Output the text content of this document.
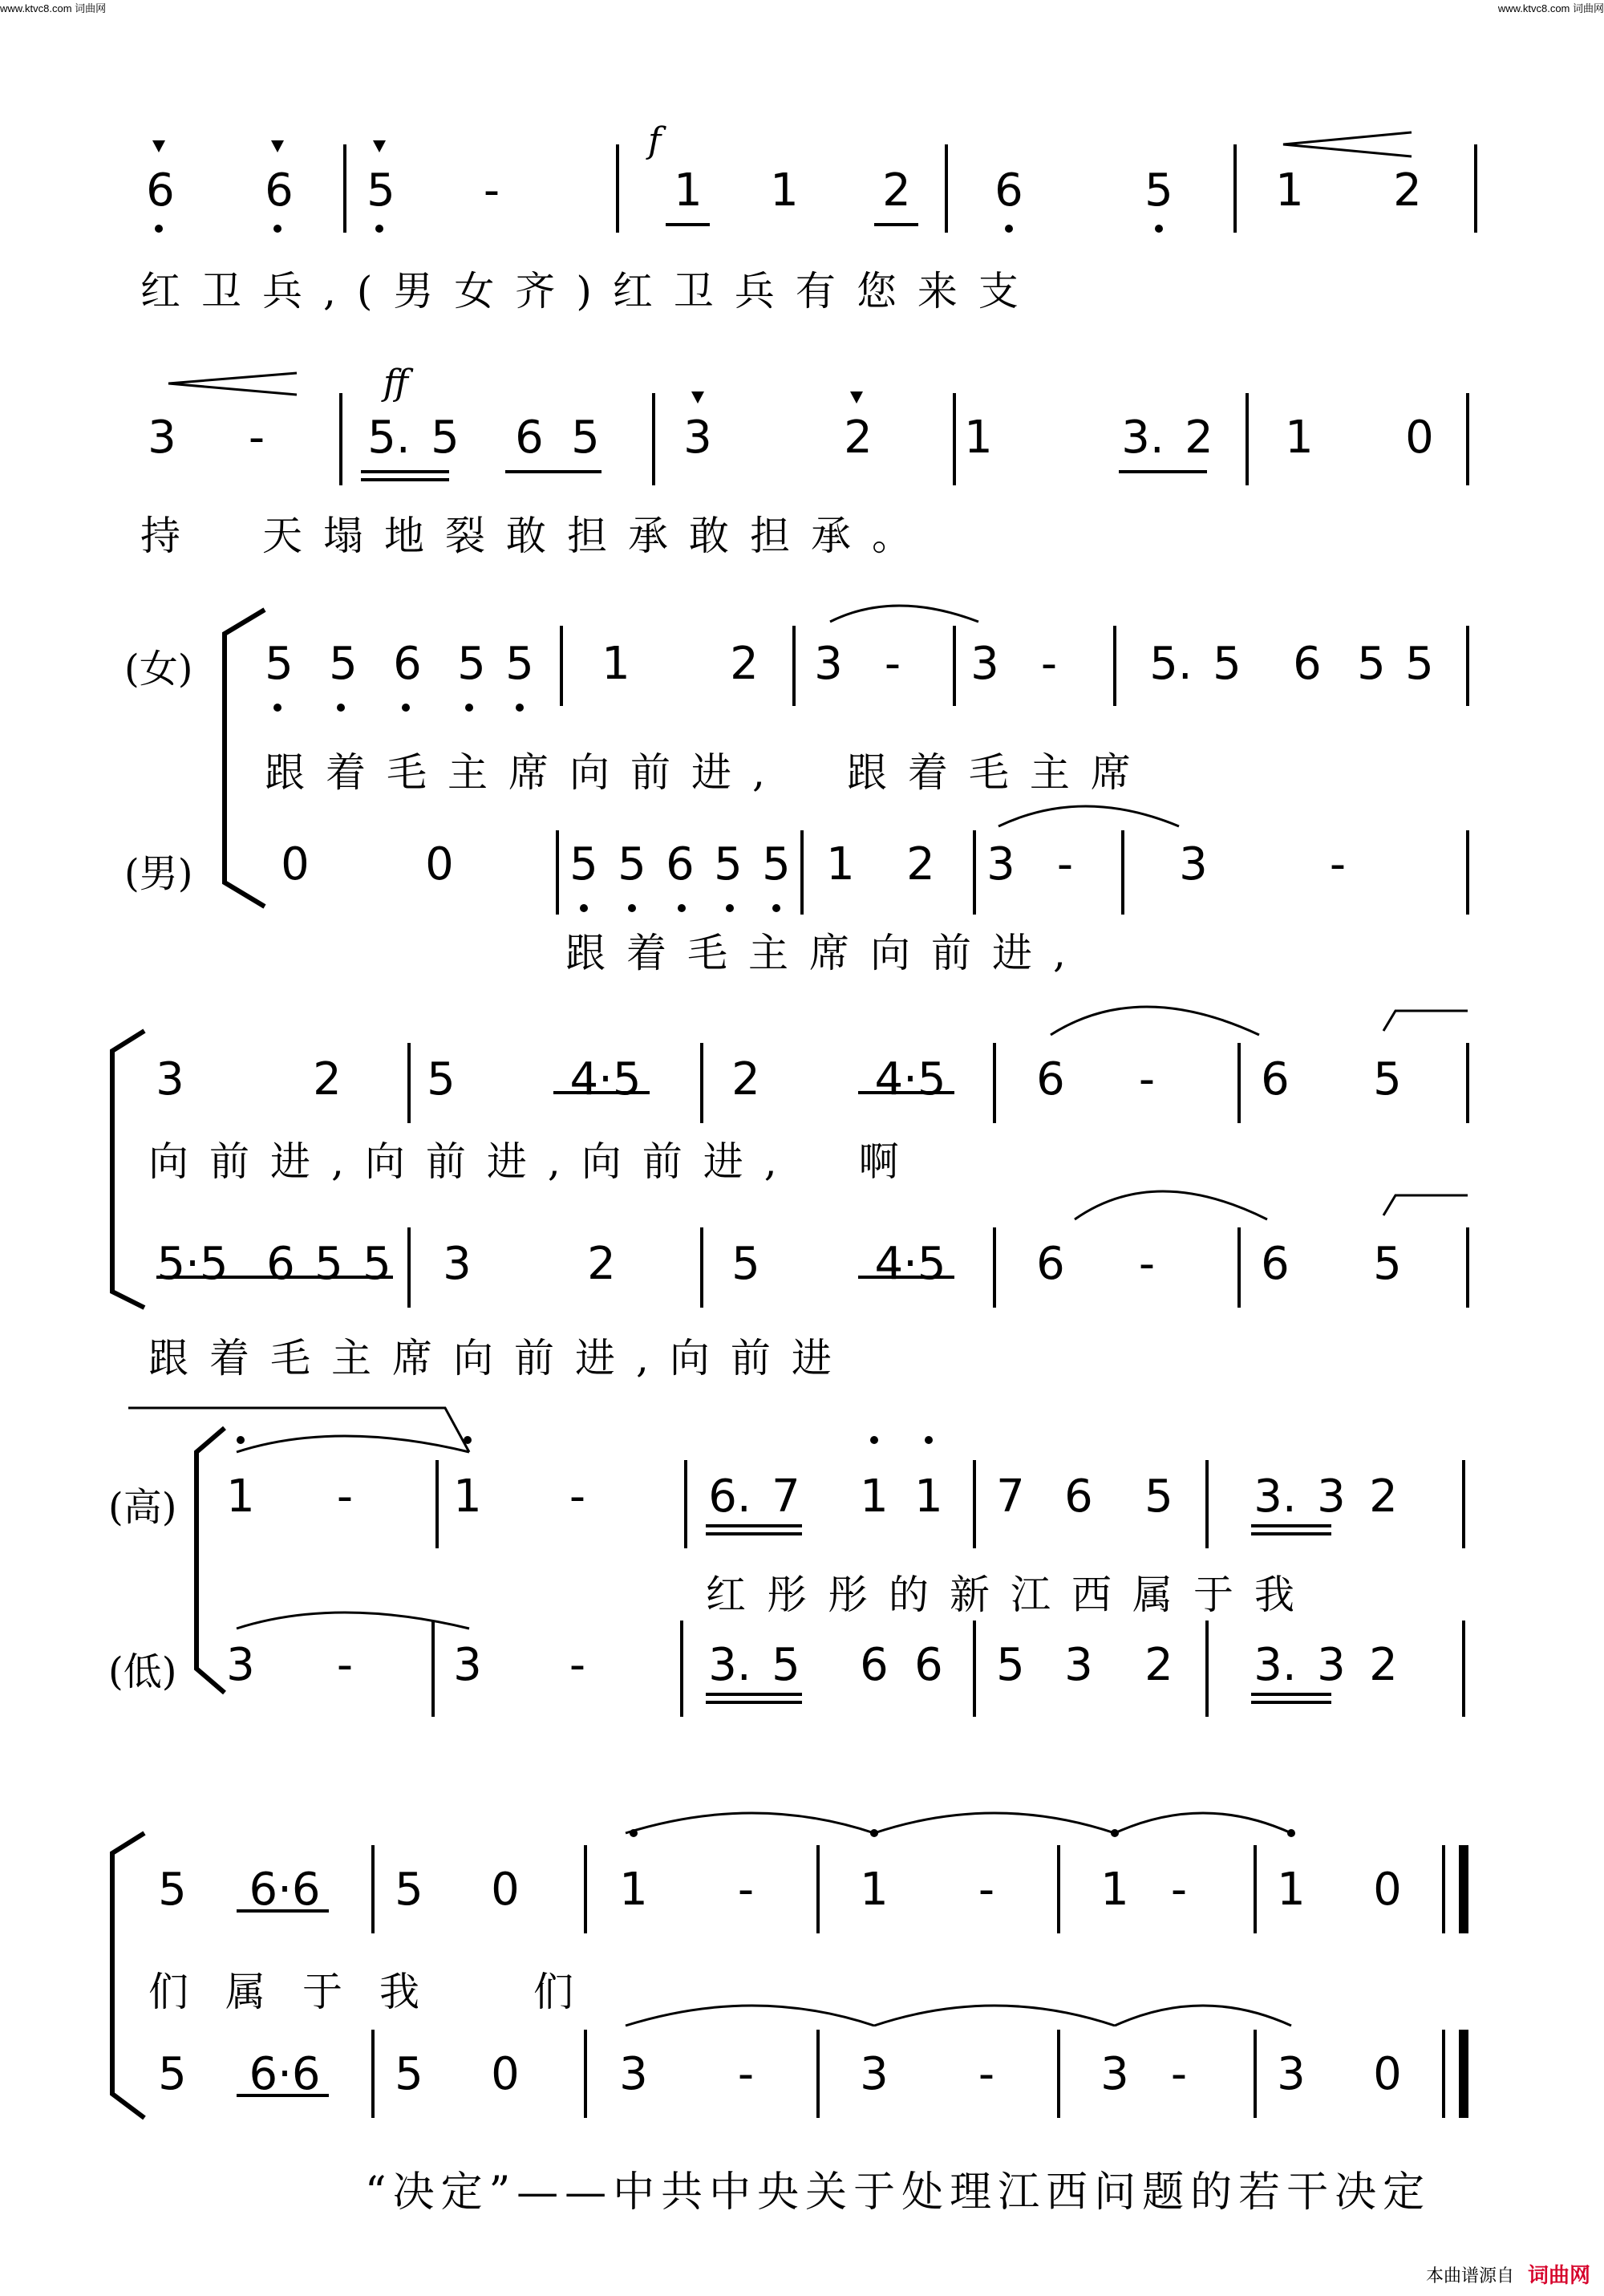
www.ktvc8.com 词曲网	www.ktvc8.com 词曲网
f
6 6 5	-	1 1 2 6	5 1 2
红卫兵,(男女齐)红卫兵有您来支
ff
3	-	5. 5 6 5 3	2 1	3. 2 1 0
持　天塌地裂敢担承敢担承。
(女)
(男)
5 5 6 5 5 1 2 3 -	3 -	5. 5 6 5 5
跟着毛主席向前进,　跟着毛主席
0	0	5 5 6 5 5 1 2 3 -	3	-
跟着毛主席向前进,
3	2 5	4·5	2	4·5	6	-	6 5
向前进,向前进,向前进,　啊
5·5 6 5 5 3	2	5	4·5	6	-	6 5
跟着毛主席向前进,向前进
(高)
(低)
1	-	1	-	6. 7 1 1 7 6 5 3. 3 2
红彤彤的新江西属于我
3	-	3	-	3. 5 6 6 5 3 2 3. 3 2
5	6·6	5 0 1	-	1	-	1 -	1 0
们属于我　们
5	6·6	5 0 3	-	3	-	3 -	3 0
“决定”——中共中央关于处理江西问题的若干决定
本曲谱源自 词曲网
